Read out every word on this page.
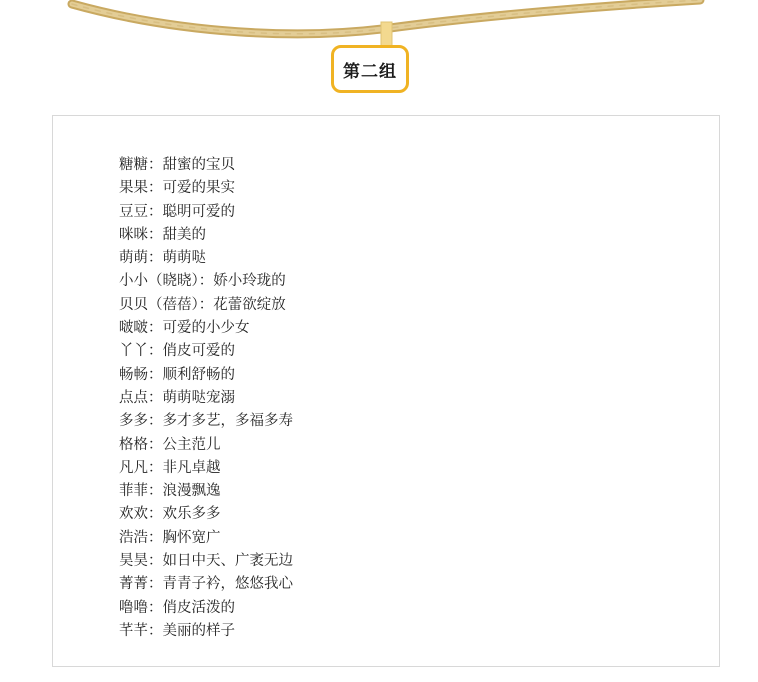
第二组
糖糖：甜蜜的宝贝
果果：可爱的果实
豆豆：聪明可爱的
咪咪：甜美的
萌萌：萌萌哒
小小（晓晓）：娇小玲珑的
贝贝（蓓蓓）：花蕾欲绽放
啵啵：可爱的小少女
丫丫：俏皮可爱的
畅畅：顺利舒畅的
点点：萌萌哒宠溺
多多：多才多艺，多福多寿
格格：公主范儿
凡凡：非凡卓越
菲菲：浪漫飘逸
欢欢：欢乐多多
浩浩：胸怀宽广
昊昊：如日中天、广袤无边
菁菁：青青子衿，悠悠我心
噜噜：俏皮活泼的
芊芊：美丽的样子
